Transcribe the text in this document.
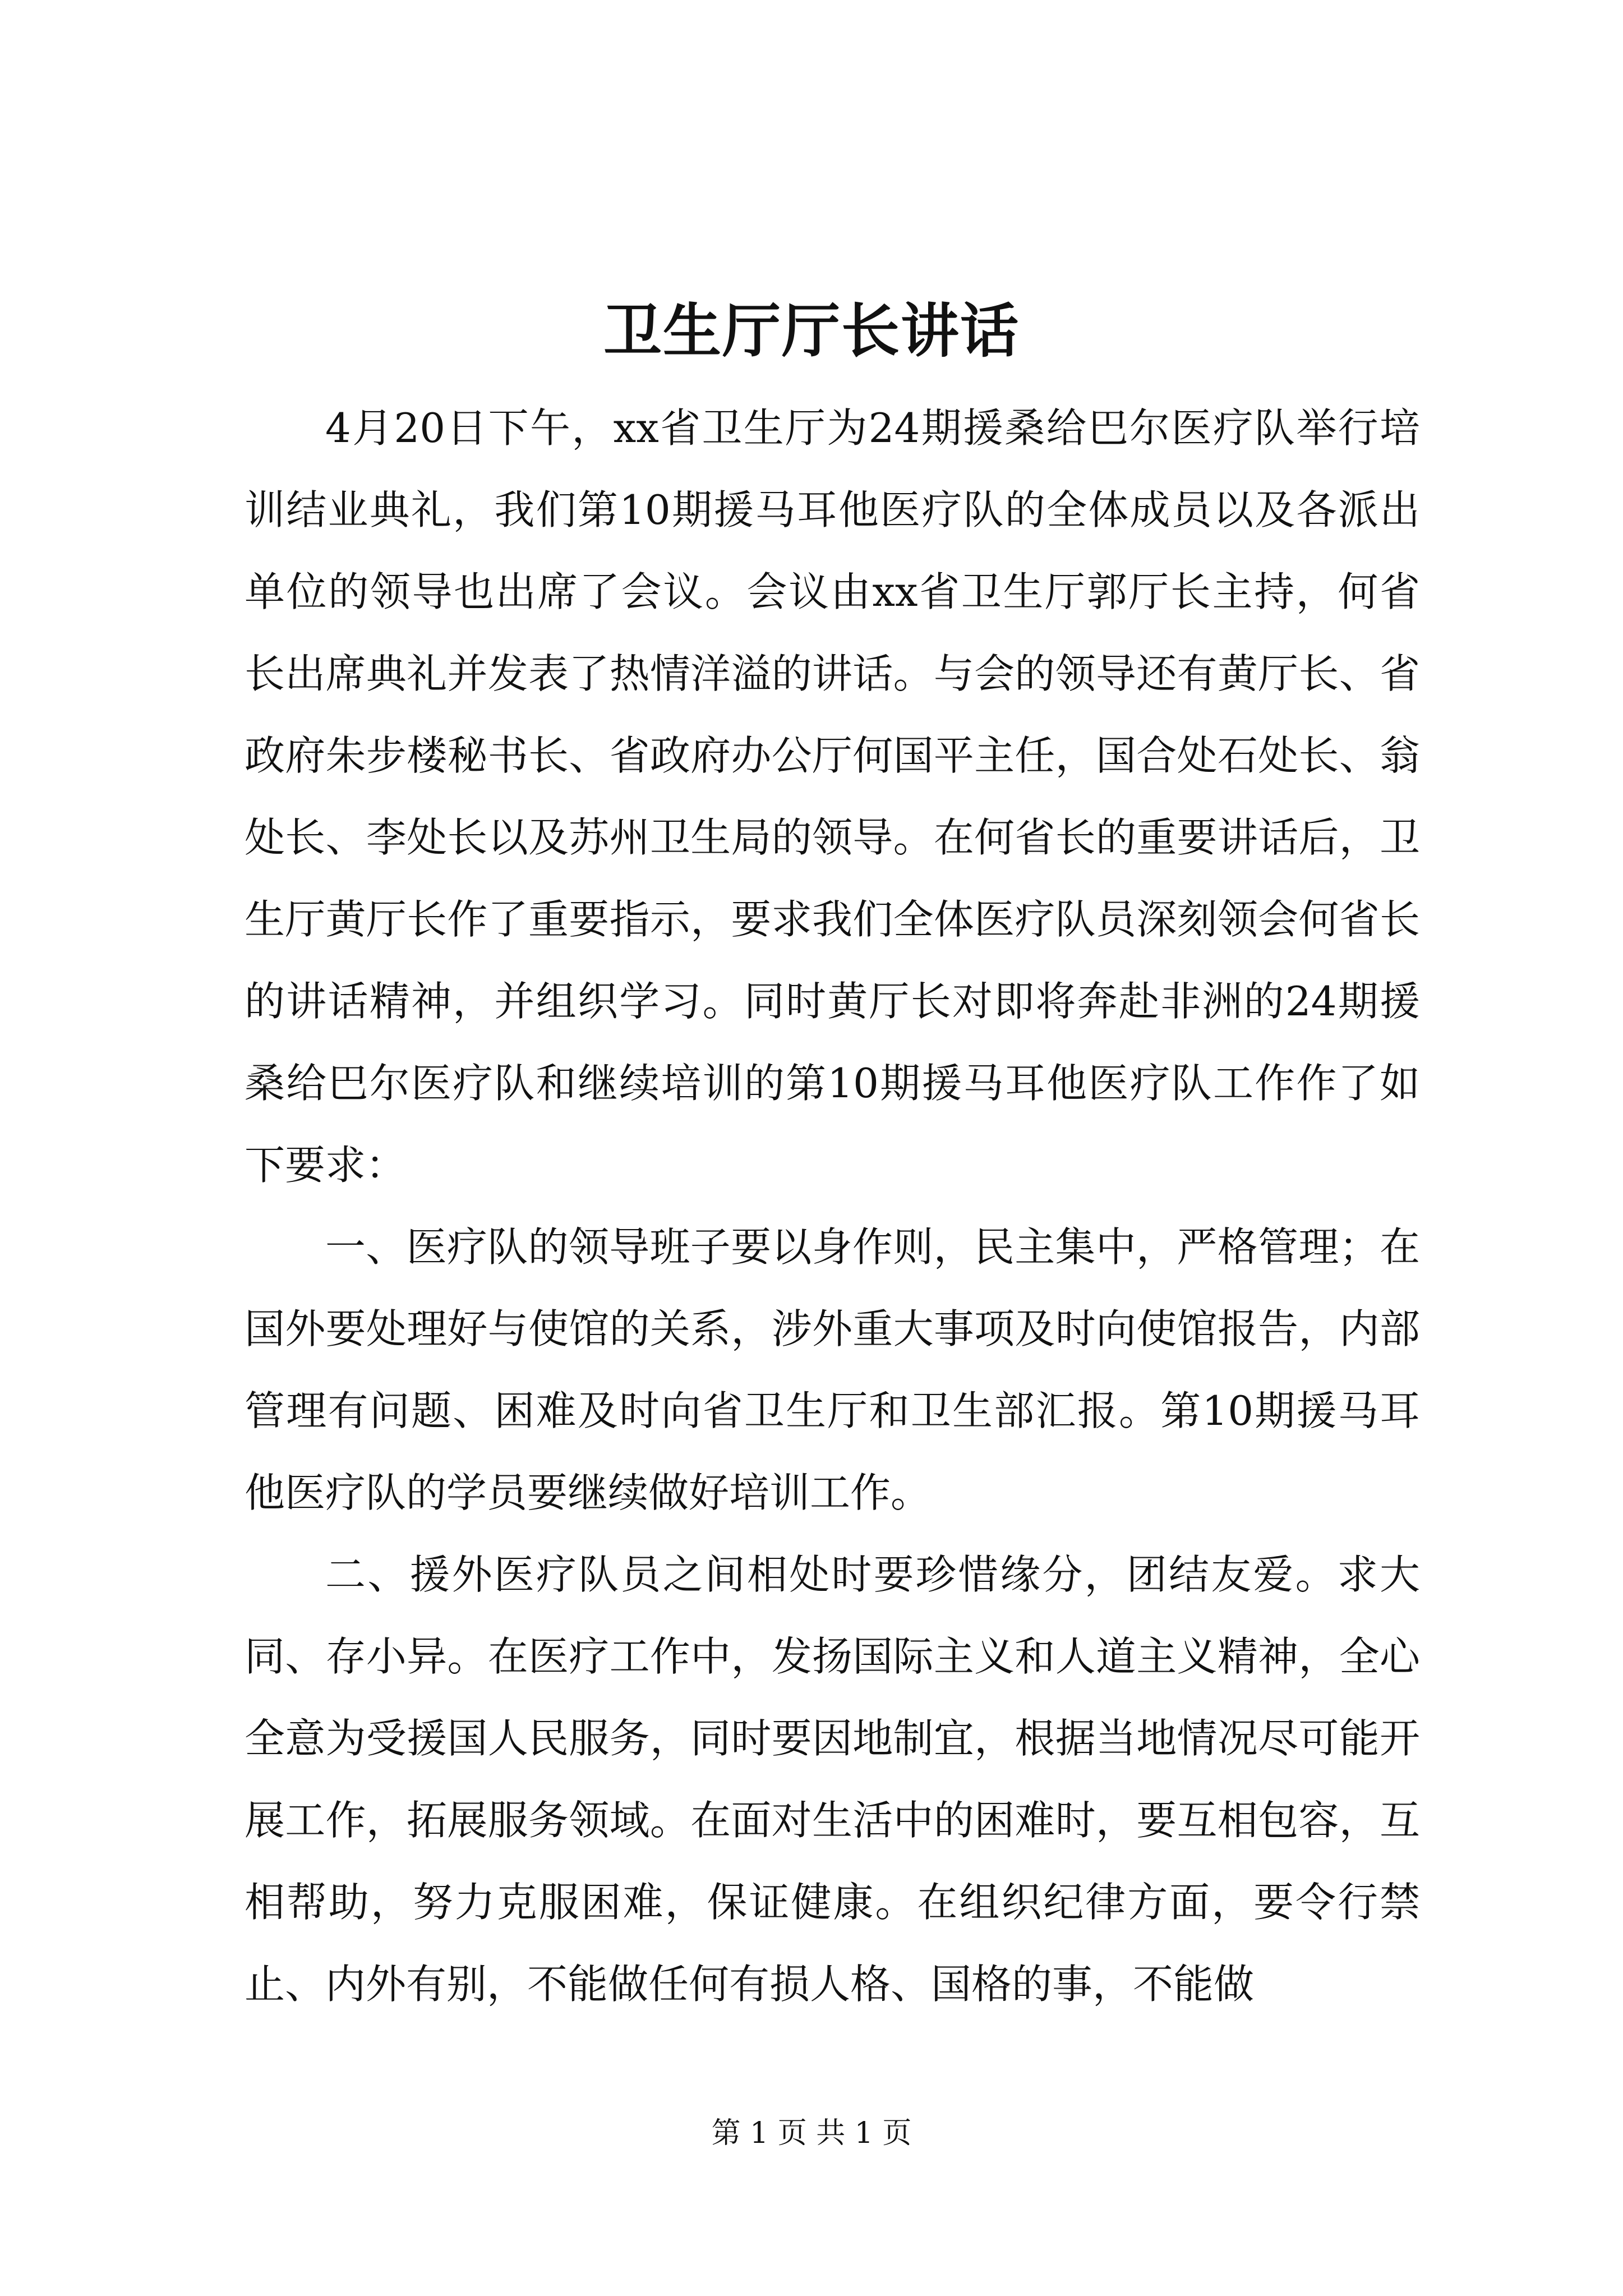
卫生厅厅长讲话

4月20日下午，xx省卫生厅为24期援桑给巴尔医疗队举行培训结业典礼，我们第10期援马耳他医疗队的全体成员以及各派出单位的领导也出席了会议。会议由xx省卫生厅郭厅长主持，何省长出席典礼并发表了热情洋溢的讲话。与会的领导还有黄厅长、省政府朱步楼秘书长、省政府办公厅何国平主任，国合处石处长、翁处长、李处长以及苏州卫生局的领导。在何省长的重要讲话后，卫生厅黄厅长作了重要指示，要求我们全体医疗队员深刻领会何省长的讲话精神，并组织学习。同时黄厅长对即将奔赴非洲的24期援桑给巴尔医疗队和继续培训的第10期援马耳他医疗队工作作了如下要求：

一、医疗队的领导班子要以身作则，民主集中，严格管理；在国外要处理好与使馆的关系，涉外重大事项及时向使馆报告，内部管理有问题、困难及时向省卫生厅和卫生部汇报。第10期援马耳他医疗队的学员要继续做好培训工作。

二、援外医疗队员之间相处时要珍惜缘分，团结友爱。求大同、存小异。在医疗工作中，发扬国际主义和人道主义精神，全心全意为受援国人民服务，同时要因地制宜，根据当地情况尽可能开展工作，拓展服务领域。在面对生活中的困难时，要互相包容，互相帮助，努力克服困难，保证健康。在组织纪律方面，要令行禁止、内外有别，不能做任何有损人格、国格的事，不能做

第 1 页 共 1 页
